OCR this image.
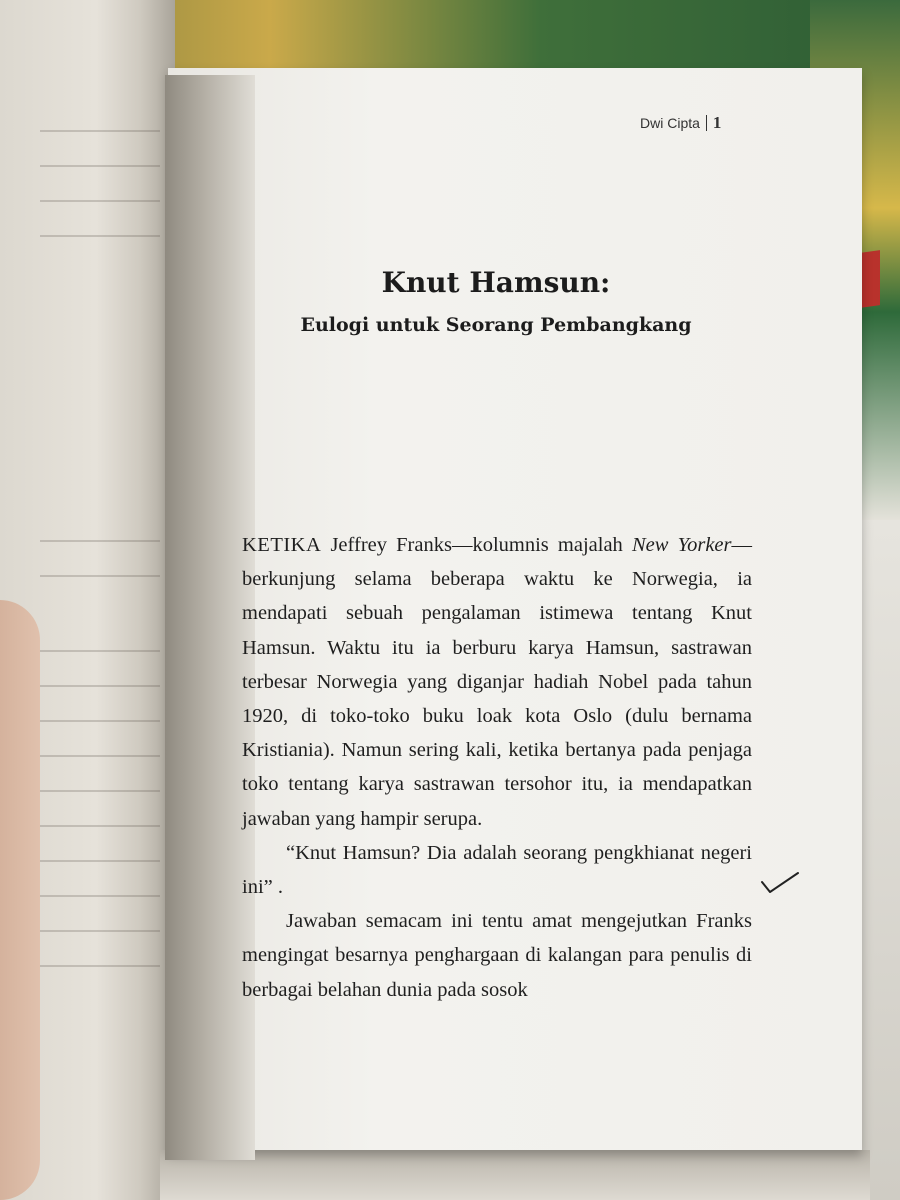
Dwi Cipta 1
Knut Hamsun:
Eulogi untuk Seorang Pembangkang

KETIKA Jeffrey Franks—kolumnis majalah New Yorker—berkunjung selama beberapa waktu ke Norwegia, ia mendapati sebuah pengalaman istimewa tentang Knut Hamsun. Waktu itu ia berburu karya Hamsun, sastrawan terbesar Norwegia yang diganjar hadiah Nobel pada tahun 1920, di toko-toko buku loak kota Oslo (dulu bernama Kristiania). Namun sering kali, ketika bertanya pada penjaga toko tentang karya sastrawan tersohor itu, ia mendapatkan jawaban yang hampir serupa.

“Knut Hamsun? Dia adalah seorang pengkhianat negeri ini” .

Jawaban semacam ini tentu amat mengejutkan Franks mengingat besarnya penghargaan di kalangan para penulis di berbagai belahan dunia pada sosok
